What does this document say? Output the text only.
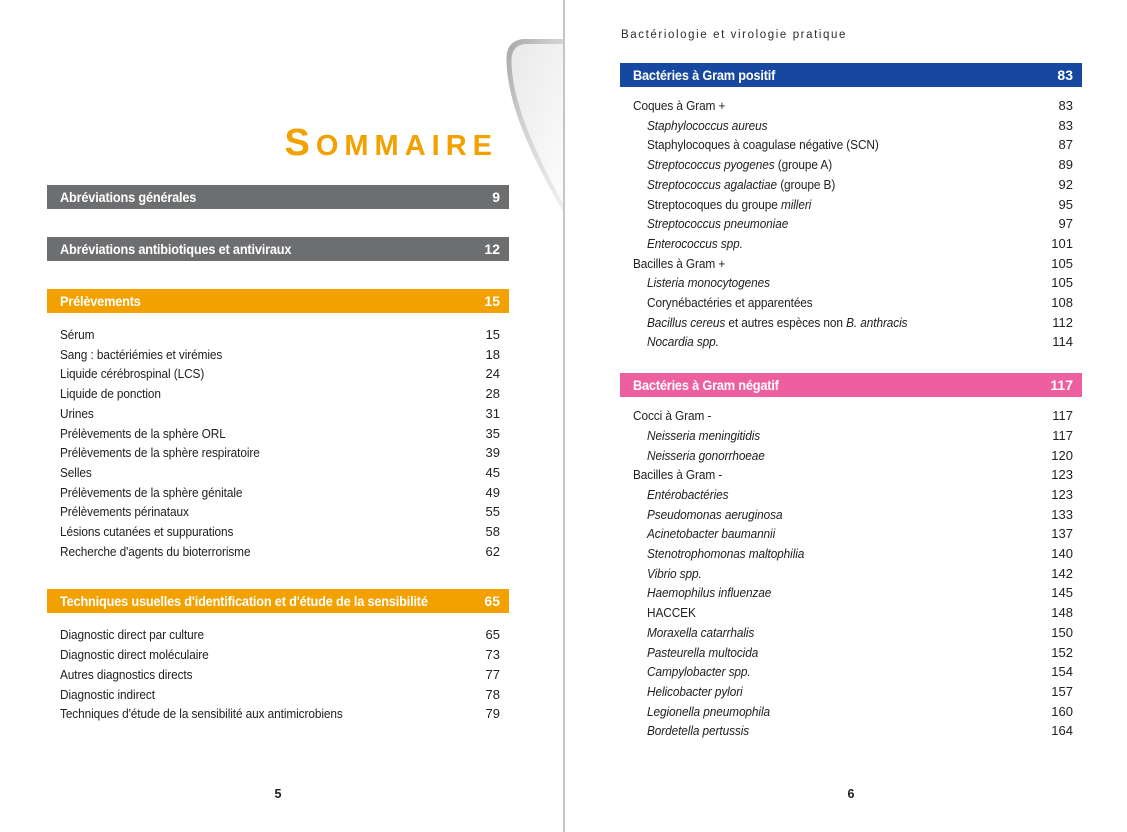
SOMMAIRE
Abréviations générales	9
Abréviations antibiotiques et antiviraux	12
Prélèvements	15
Sérum	15
Sang : bactériémies et virémies	18
Liquide cérébrospinal (LCS)	24
Liquide de ponction	28
Urines	31
Prélèvements de la sphère ORL	35
Prélèvements de la sphère respiratoire	39
Selles	45
Prélèvements de la sphère génitale	49
Prélèvements périnataux	55
Lésions cutanées et suppurations	58
Recherche d'agents du bioterrorisme	62
Techniques usuelles d'identification et d'étude de la sensibilité	65
Diagnostic direct par culture	65
Diagnostic direct moléculaire	73
Autres diagnostics directs	77
Diagnostic indirect	78
Techniques d'étude de la sensibilité aux antimicrobiens	79
5
Bactériologie et virologie pratique
Bactéries à Gram positif	83
Coques à Gram +	83
Staphylococcus aureus	83
Staphylocoques à coagulase négative (SCN)	87
Streptococcus pyogenes (groupe A)	89
Streptococcus agalactiae (groupe B)	92
Streptocoques du groupe milleri	95
Streptococcus pneumoniae	97
Enterococcus spp.	101
Bacilles à Gram +	105
Listeria monocytogenes	105
Corynébactéries et apparentées	108
Bacillus cereus et autres espèces non B. anthracis	112
Nocardia spp.	114
Bactéries à Gram négatif	117
Cocci à Gram -	117
Neisseria meningitidis	117
Neisseria gonorrhoeae	120
Bacilles à Gram -	123
Entérobactéries	123
Pseudomonas aeruginosa	133
Acinetobacter baumannii	137
Stenotrophomonas maltophilia	140
Vibrio spp.	142
Haemophilus influenzae	145
HACCEK	148
Moraxella catarrhalis	150
Pasteurella multocida	152
Campylobacter spp.	154
Helicobacter pylori	157
Legionella pneumophila	160
Bordetella pertussis	164
6
